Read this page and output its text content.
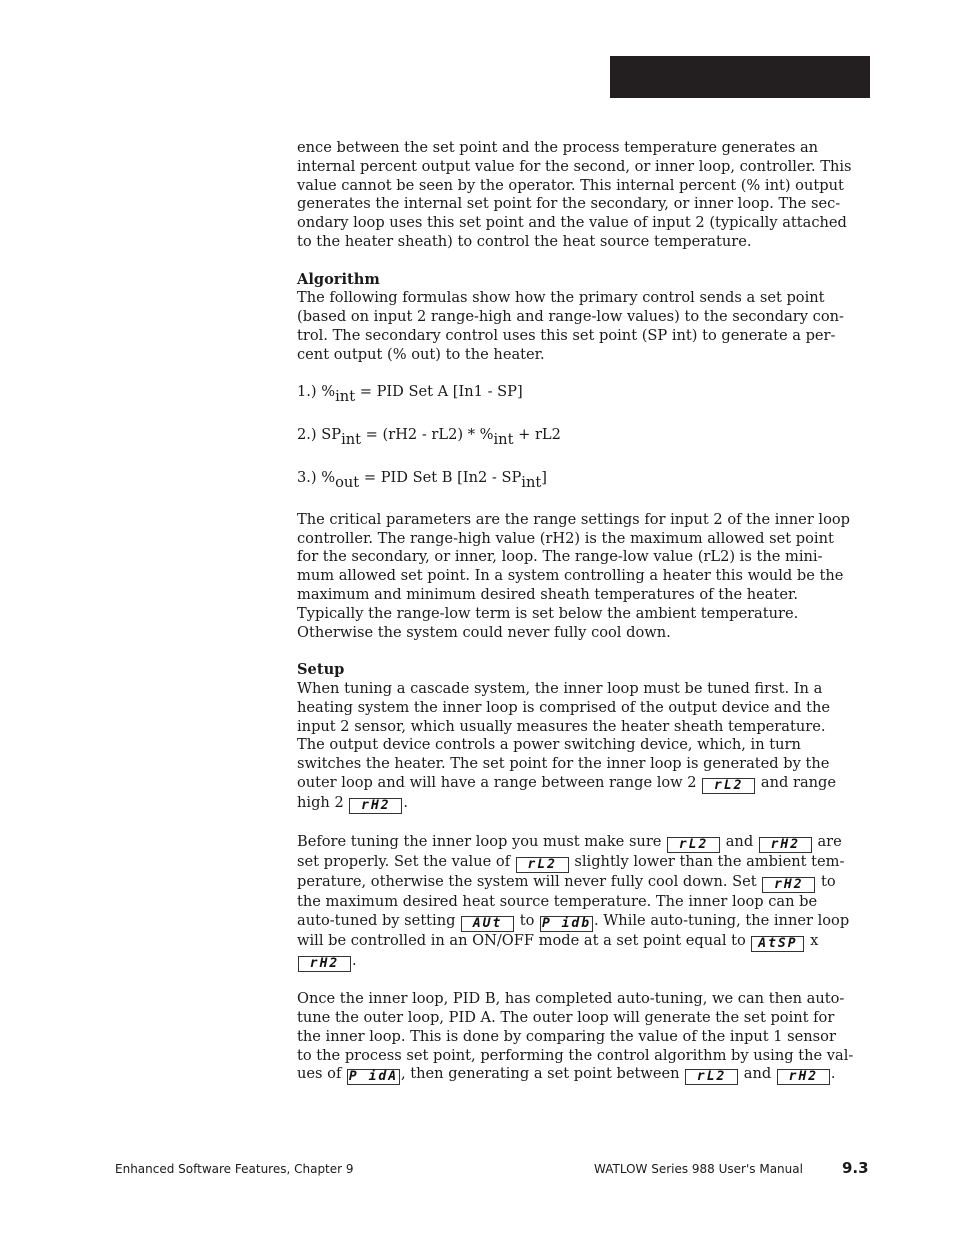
ence between the set point and the process temperature generates an

internal percent output value for the second, or inner loop, controller. This

value cannot be seen by the operator. This internal percent (% int) output

generates the internal set point for the secondary, or inner loop. The sec-

ondary loop uses this set point and the value of input 2 (typically attached

to the heater sheath) to control the heat source temperature.

Algorithm

The following formulas show how the primary control sends a set point

(based on input 2 range-high and range-low values) to the secondary con-

trol. The secondary control uses this set point (SP int) to generate a per-

cent output (% out) to the heater.

1.) $\%_{int}$ = PID Set A [In1 - SP]

2.) $SP_{int} = (rH2 - rL2) * \%_{int} + rL2$

3.) $\%_{out}$ = PID Set B $[In2 - SP_{int}]$

The critical parameters are the range settings for input 2 of the inner loop

controller. The range-high value (rH2) is the maximum allowed set point

for the secondary, or inner, loop. The range-low value (rL2) is the mini-

mum allowed set point. In a system controlling a heater this would be the

maximum and minimum desired sheath temperatures of the heater.

Typically the range-low term is set below the ambient temperature.

Otherwise the system could never fully cool down.

Setup

When tuning a cascade system, the inner loop must be tuned first. In a

heating system the inner loop is comprised of the output device and the

input 2 sensor, which usually measures the heater sheath temperature.

The output device controls a power switching device, which, in turn

switches the heater. The set point for the inner loop is generated by the

outer loop and will have a range between range low 2 rL2 and range

high 2 rH2 .

Before tuning the inner loop you must make sure rL2 and rH2 are

set properly. Set the value of rL2 slightly lower than the ambient tem-

perature, otherwise the system will never fully cool down. Set rH2 to

the maximum desired heat source temperature. The inner loop can be

auto-tuned by setting AUt to P idb . While auto-tuning, the inner loop

will be controlled in an ON/OFF mode at a set point equal to AtSP x

rH2 .

Once the inner loop, PID B, has completed auto-tuning, we can then auto-

tune the outer loop, PID A. The outer loop will generate the set point for

the inner loop. This is done by comparing the value of the input 1 sensor

to the process set point, performing the control algorithm by using the val-

ues of P idA , then generating a set point between rL2 and rH2 .

Enhanced Software Features, Chapter 9	WATLOW Series 988 User's Manual	9.3
